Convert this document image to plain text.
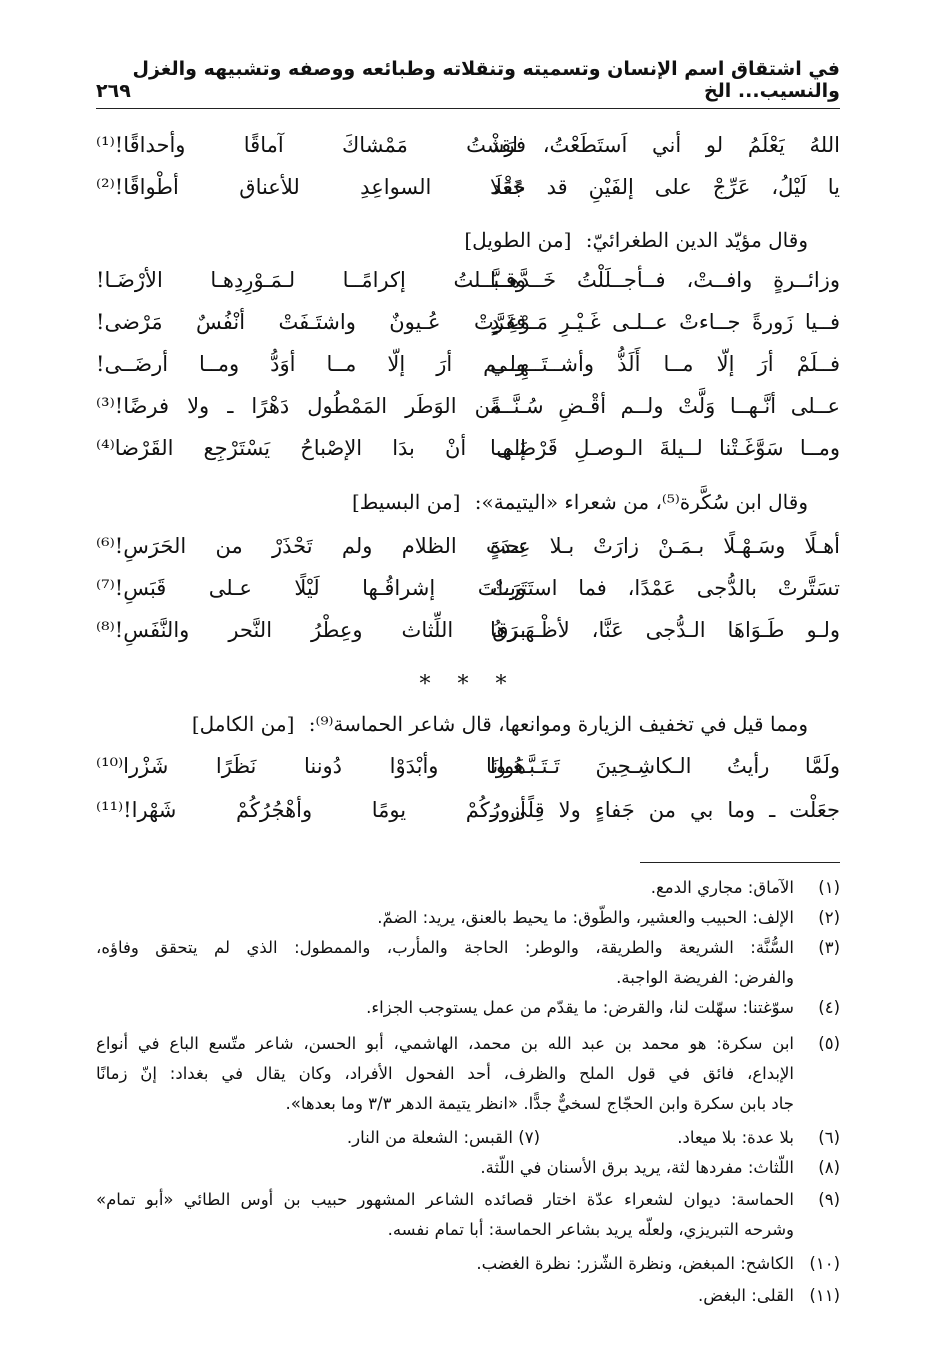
في اشتقاق اسم الإنسان وتسميته وتنقلاته وطبائعه ووصفه وتشبيهه والغزل والنسيب... الخ
٢٦٩
اللهُ يَعْلَمُ لو أني اَستَطَعْتُ، لقد
فرَشْتُ مَمْشاكَ آماقًا وأحداقًا!⁽¹⁾
يا لَيْلُ، عَرِّجْ على إلفَيْنِ قد جَعَلَا
عَقْد السواعِدِ للأعناق أطْواقًا!⁽²⁾
وقال مؤيّد الدين الطغرائيّ: [من الطويل]
وزائــرةٍ وافــتْ، فــأجــلَلْتُ خَــدَّهــا
وقـبَّــلتُ إكرامًــا لـمَـوْرِدِهـا الأرْضَـا!
فــيا زَورةً جــاءتْ عــلـى غَـيْـرِ مَـوْعِـدٍ
فقَرَّتْ عُـيونٌ واشتَـفَتْ أنْفُسٌ مَرْضى!
فــلَمْ أرَ إلّا مــا أَلَذُّ وأشــتَــهِــي
ولــم أرَ إلّا مــا أوَدُّ ومــا أرضَــى!
عــلى أنَّـهــا وَلَّتْ ولــم أقْـضِ سُـنَّــةً
ـ من الوَطَر المَمْطُول دَهْرًا ـ ولا فرضًا!⁽³⁾
ومــا سَوَّغَـتْنا لــيلةَ الـوصـلِ قَرْضَـهـا
إلى أنْ بدَا الإصْباحُ يَسْتَرْجِع القَرْضا⁽⁴⁾
وقال ابن سُكَّرة⁽⁵⁾، من شعراء «اليتيمة»: [من البسيط]
أهـلًا وسَـهْـلًا بـمَـنْ زارَتْ بـلا عِـدَةٍ
تحتَ الظلام ولم تَحْذَرْ من الحَرَسِ!⁽⁶⁾
تسَتَّرتْ بالدُّجى عَمْدًا، فما استَتَرَتْ
وبـاتَ إشراقُـها لَيْلًا عـلى قَبَسِ!⁽⁷⁾
ولـو طَـوَاهَا الـدُّجى عَنَّا، لأظْـهَـرَها
برقُ اللِّثاث وعِطْرُ النَّحر والنَّفَسِ!⁽⁸⁾
* * *
ومما قيل في تخفيف الزيارة وموانعها، قال شاعر الحماسة⁽⁹⁾: [من الكامل]
ولَمَّا رأيتُ الـكاشِـحِينَ تَـتَـبَّـعُـوا
هَوانَا وأبْدَوْا دُوننا نَظَرًا شَزْرا⁽¹⁰⁾
جعَلْت ـ وما بي من جَفاءٍ ولا قِلًى ـ
أزورُكُمْ يومًا وأهْجُرُكُمْ شَهْرا!⁽¹¹⁾
(١)
الآماق: مجاري الدمع.
(٢)
الإلف: الحبيب والعشير، والطّوق: ما يحيط بالعنق، يريد: الضمّ.
(٣)
السُّنَّة: الشريعة والطريقة، والوطر: الحاجة والمأرب، والممطول: الذي لم يتحقق وفاؤه،
والفرض: الفريضة الواجبة.
(٤)
سوّغتنا: سهّلت لنا، والقرض: ما يقدّم من عمل يستوجب الجزاء.
(٥)
ابن سكرة: هو محمد بن عبد الله بن محمد، الهاشمي، أبو الحسن، شاعر متّسع الباع في أنواع
الإبداع، فائق في قول الملح والظرف، أحد الفحول الأفراد، وكان يقال في بغداد: إنّ زمانًا
جاد بابن سكرة وابن الحجّاج لسخيٌّ جدًّا. «انظر يتيمة الدهر ٣/٣ وما بعدها».
(٦)
بلا عدة: بلا ميعاد.
(٧) القبس: الشعلة من النار.
(٨)
اللّثاث: مفردها لثة، يريد برق الأسنان في اللّثة.
(٩)
الحماسة: ديوان لشعراء عدّة اختار قصائده الشاعر المشهور حبيب بن أوس الطائي «أبو تمام»
وشرحه التبريزي، ولعلّه يريد بشاعر الحماسة: أبا تمام نفسه.
(١٠)
الكاشح: المبغض، ونظرة الشّزر: نظرة الغضب.
(١١)
القلى: البغض.
